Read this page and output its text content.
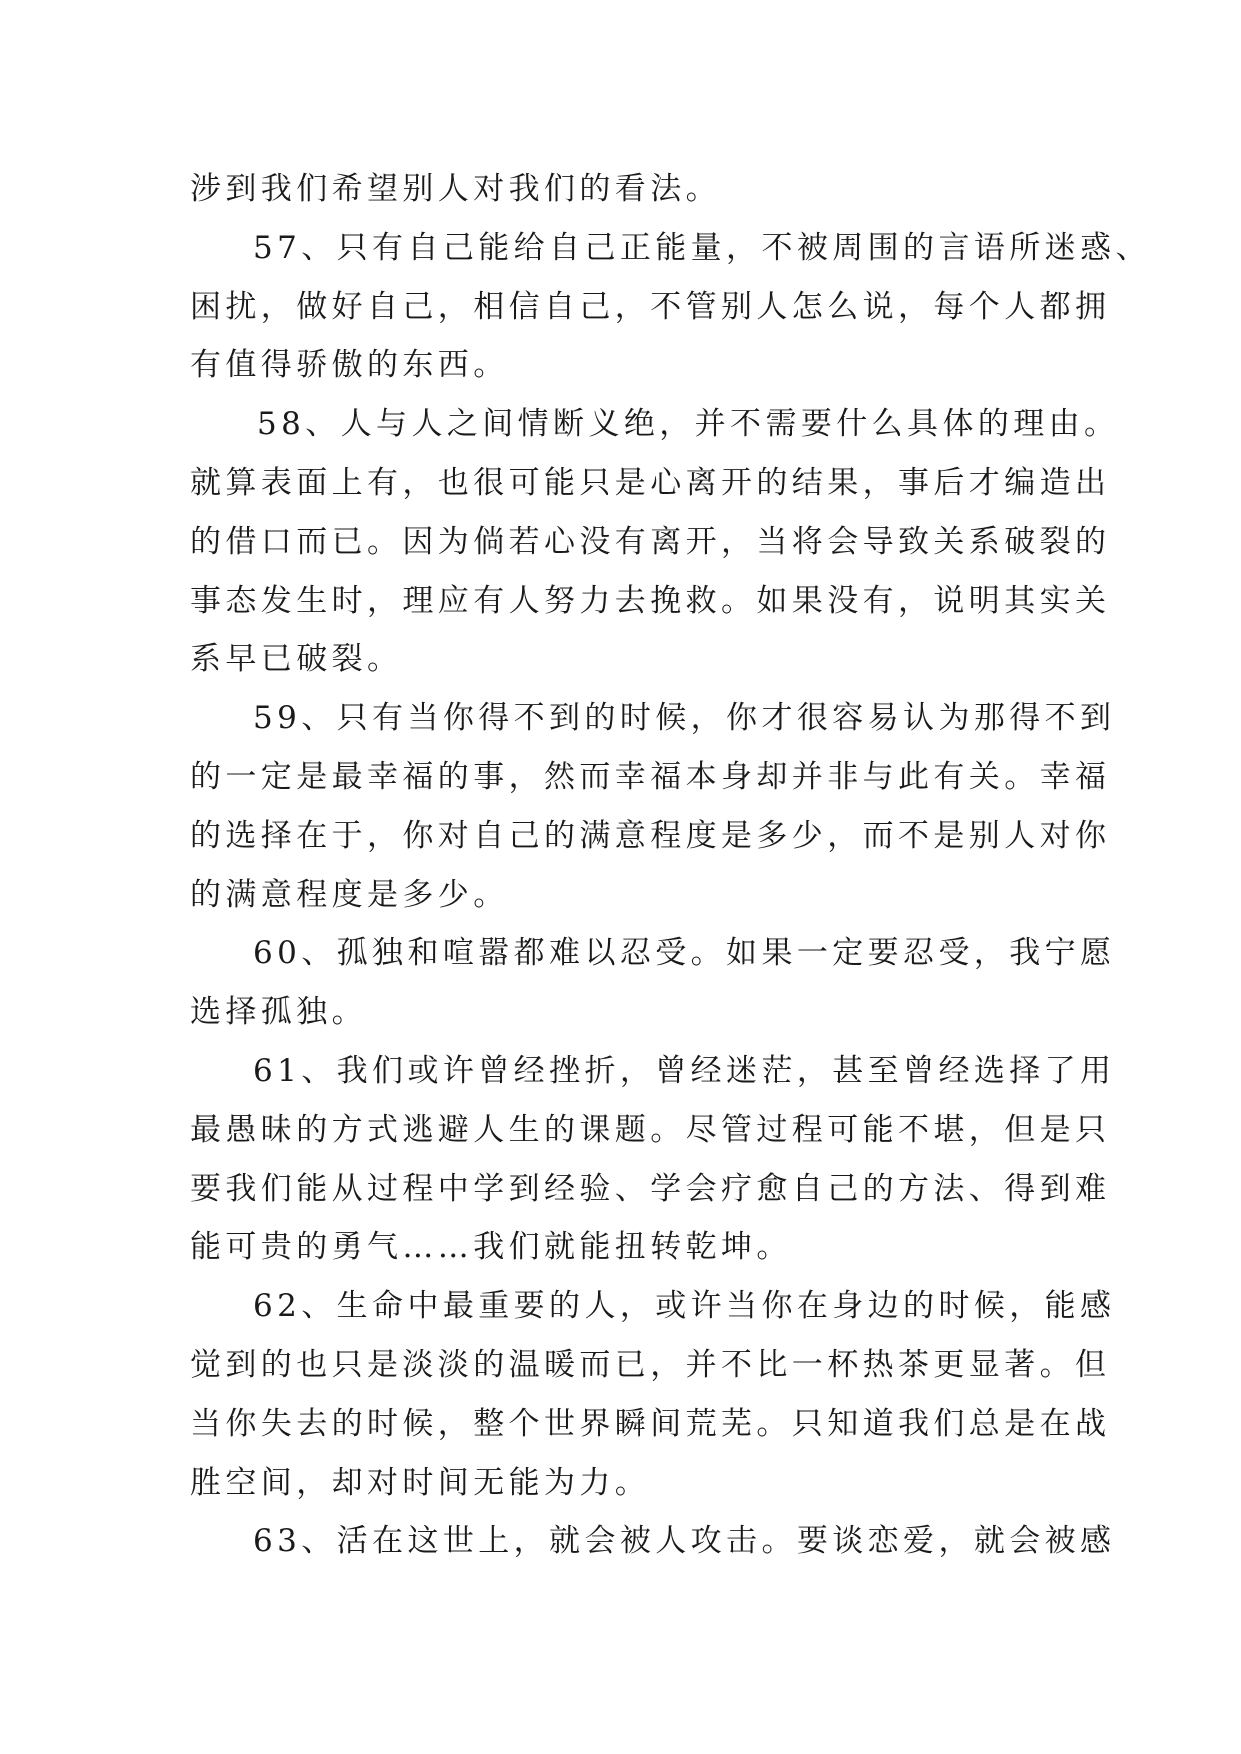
涉到我们希望别人对我们的看法。
57、只有自己能给自己正能量，不被周围的言语所迷惑、
困扰，做好自己，相信自己，不管别人怎么说，每个人都拥
有值得骄傲的东西。
58、人与人之间情断义绝，并不需要什么具体的理由。
就算表面上有，也很可能只是心离开的结果，事后才编造出
的借口而已。因为倘若心没有离开，当将会导致关系破裂的
事态发生时，理应有人努力去挽救。如果没有，说明其实关
系早已破裂。
59、只有当你得不到的时候，你才很容易认为那得不到
的一定是最幸福的事，然而幸福本身却并非与此有关。幸福
的选择在于，你对自己的满意程度是多少，而不是别人对你
的满意程度是多少。
60、孤独和喧嚣都难以忍受。如果一定要忍受，我宁愿
选择孤独。
61、我们或许曾经挫折，曾经迷茫，甚至曾经选择了用
最愚昧的方式逃避人生的课题。尽管过程可能不堪，但是只
要我们能从过程中学到经验、学会疗愈自己的方法、得到难
能可贵的勇气……我们就能扭转乾坤。
62、生命中最重要的人，或许当你在身边的时候，能感
觉到的也只是淡淡的温暖而已，并不比一杯热茶更显著。但
当你失去的时候，整个世界瞬间荒芜。只知道我们总是在战
胜空间，却对时间无能为力。
63、活在这世上，就会被人攻击。要谈恋爱，就会被感
